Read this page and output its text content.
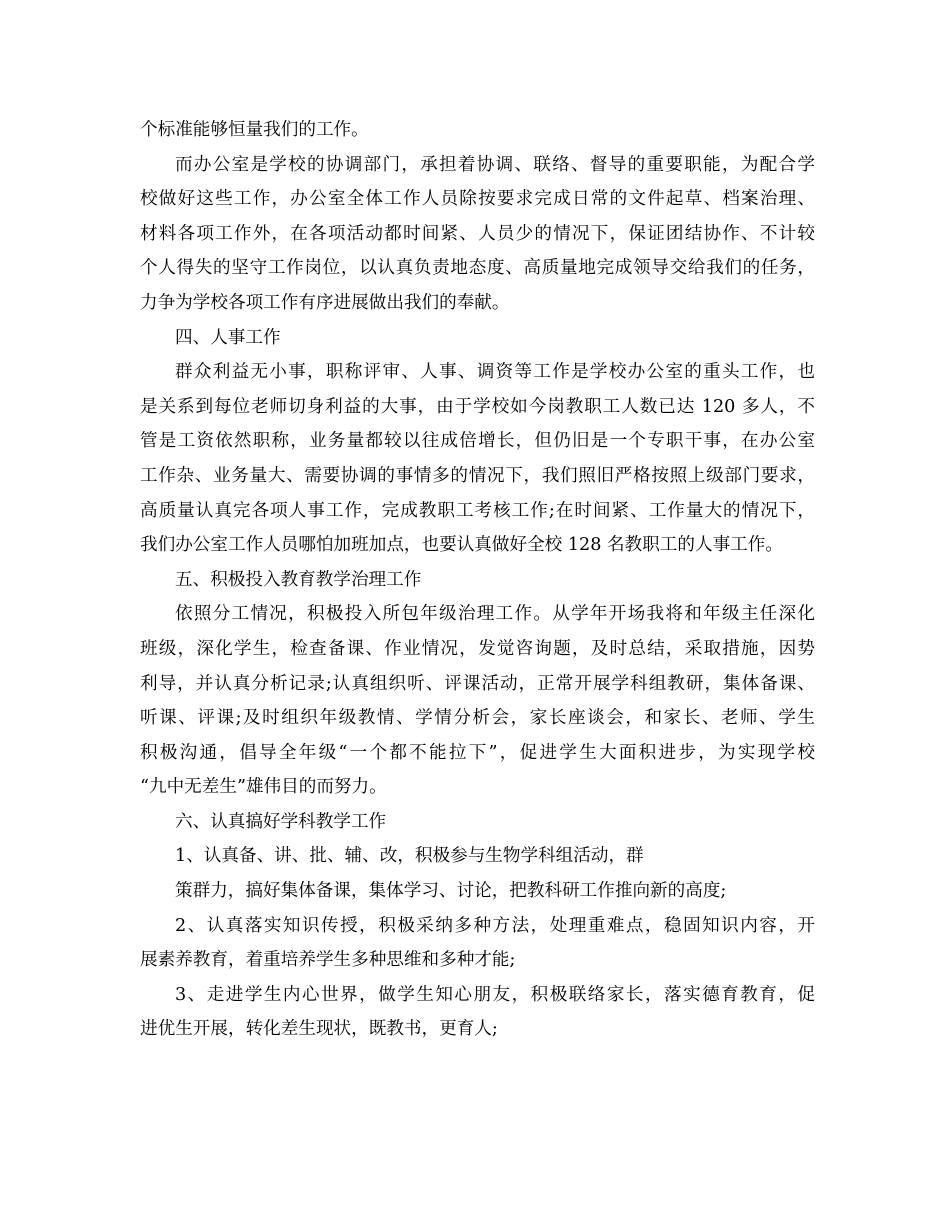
个标准能够恒量我们的工作。

而办公室是学校的协调部门，承担着协调、联络、督导的重要职能，为配合学

校做好这些工作，办公室全体工作人员除按要求完成日常的文件起草、档案治理、

材料各项工作外，在各项活动都时间紧、人员少的情况下，保证团结协作、不计较

个人得失的坚守工作岗位，以认真负责地态度、高质量地完成领导交给我们的任务，

力争为学校各项工作有序进展做出我们的奉献。

四、人事工作

群众利益无小事，职称评审、人事、调资等工作是学校办公室的重头工作，也

是关系到每位老师切身利益的大事，由于学校如今岗教职工人数已达 120 多人，不

管是工资依然职称，业务量都较以往成倍增长，但仍旧是一个专职干事，在办公室

工作杂、业务量大、需要协调的事情多的情况下，我们照旧严格按照上级部门要求，

高质量认真完各项人事工作，完成教职工考核工作;在时间紧、工作量大的情况下，

我们办公室工作人员哪怕加班加点，也要认真做好全校 128 名教职工的人事工作。

五、积极投入教育教学治理工作

依照分工情况，积极投入所包年级治理工作。从学年开场我将和年级主任深化

班级，深化学生，检查备课、作业情况，发觉咨询题，及时总结，采取措施，因势

利导，并认真分析记录;认真组织听、评课活动，正常开展学科组教研，集体备课、

听课、评课;及时组织年级教情、学情分析会，家长座谈会，和家长、老师、学生

积极沟通，倡导全年级“一个都不能拉下”，促进学生大面积进步，为实现学校

“九中无差生”雄伟目的而努力。

六、认真搞好学科教学工作

1、认真备、讲、批、辅、改，积极参与生物学科组活动，群

策群力，搞好集体备课，集体学习、讨论，把教科研工作推向新的高度;

2、认真落实知识传授，积极采纳多种方法，处理重难点，稳固知识内容，开

展素养教育，着重培养学生多种思维和多种才能;

3、走进学生内心世界，做学生知心朋友，积极联络家长，落实德育教育，促

进优生开展，转化差生现状，既教书，更育人;
